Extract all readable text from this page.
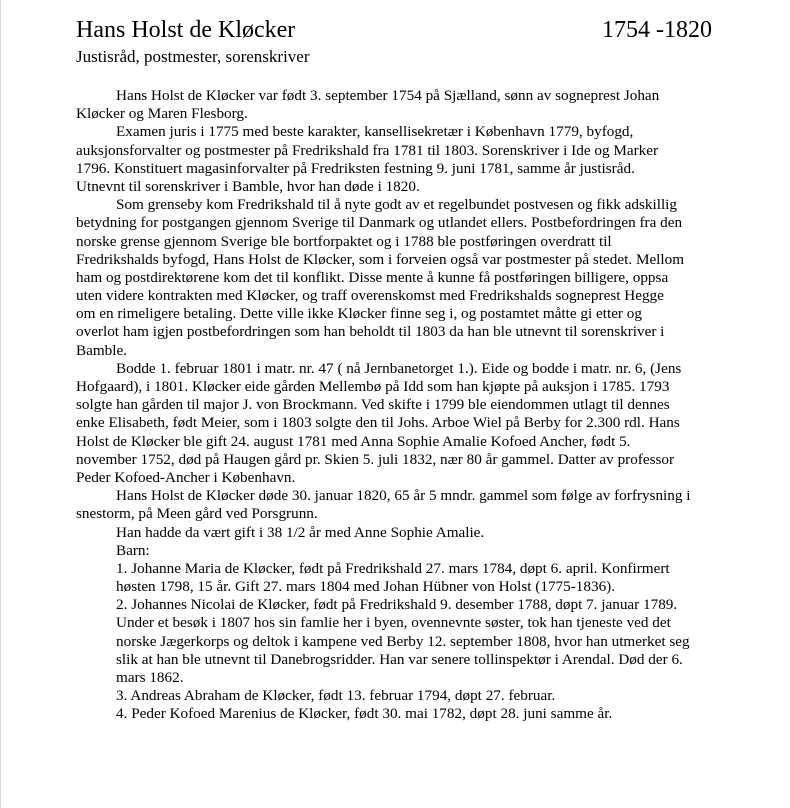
Hans Holst de Kløcker	1754 -1820
Justisråd, postmester, sorenskriver
Hans Holst de Kløcker var født 3. september 1754 på Sjælland, sønn av sogneprest Johan
Kløcker og Maren Flesborg.
Examen juris i 1775 med beste karakter, kansellisekretær i København 1779, byfogd,
auksjonsforvalter og postmester på Fredrikshald fra 1781 til 1803. Sorenskriver i Ide og Marker
1796. Konstituert magasinforvalter på Fredriksten festning 9. juni 1781, samme år justisråd.
Utnevnt til sorenskriver i Bamble, hvor han døde i 1820.
Som grenseby kom Fredrikshald til å nyte godt av et regelbundet postvesen og fikk adskillig
betydning for postgangen gjennom Sverige til Danmark og utlandet ellers. Postbefordringen fra den
norske grense gjennom Sverige ble bortforpaktet og i 1788 ble postføringen overdratt til
Fredrikshalds byfogd, Hans Holst de Kløcker, som i forveien også var postmester på stedet. Mellom
ham og postdirektørene kom det til konflikt. Disse mente å kunne få postføringen billigere, oppsa
uten videre kontrakten med Kløcker, og traff overenskomst med Fredrikshalds sogneprest Hegge
om en rimeligere betaling. Dette ville ikke Kløcker finne seg i, og postamtet måtte gi etter og
overlot ham igjen postbefordringen som han beholdt til 1803 da han ble utnevnt til sorenskriver i
Bamble.
Bodde 1. februar 1801 i matr. nr. 47 ( nå Jernbanetorget 1.). Eide og bodde i matr. nr. 6, (Jens
Hofgaard), i 1801. Kløcker eide gården Mellembø på Idd som han kjøpte på auksjon i 1785. 1793
solgte han gården til major J. von Brockmann. Ved skifte i 1799 ble eiendommen utlagt til dennes
enke Elisabeth, født Meier, som i 1803 solgte den til Johs. Arboe Wiel på Berby for 2.300 rdl. Hans
Holst de Kløcker ble gift 24. august 1781 med Anna Sophie Amalie Kofoed Ancher, født 5.
november 1752, død på Haugen gård pr. Skien 5. juli 1832, nær 80 år gammel. Datter av professor
Peder Kofoed-Ancher i København.
Hans Holst de Kløcker døde 30. januar 1820, 65 år 5 mndr. gammel som følge av forfrysning i
snestorm, på Meen gård ved Porsgrunn.
Han hadde da vært gift i 38 1/2 år med Anne Sophie Amalie.
Barn:
1. Johanne Maria de Kløcker, født på Fredrikshald 27. mars 1784, døpt 6. april. Konfirmert
høsten 1798, 15 år. Gift 27. mars 1804 med Johan Hübner von Holst (1775-1836).
2. Johannes Nicolai de Kløcker, født på Fredrikshald 9. desember 1788, døpt 7. januar 1789.
Under et besøk i 1807 hos sin famlie her i byen, ovennevnte søster, tok han tjeneste ved det
norske Jægerkorps og deltok i kampene ved Berby 12. september 1808, hvor han utmerket seg
slik at han ble utnevnt til Danebrogsridder. Han var senere tollinspektør i Arendal. Død der 6.
mars 1862.
3. Andreas Abraham de Kløcker, født 13. februar 1794, døpt 27. februar.
4. Peder Kofoed Marenius de Kløcker, født 30. mai 1782, døpt 28. juni samme år.
